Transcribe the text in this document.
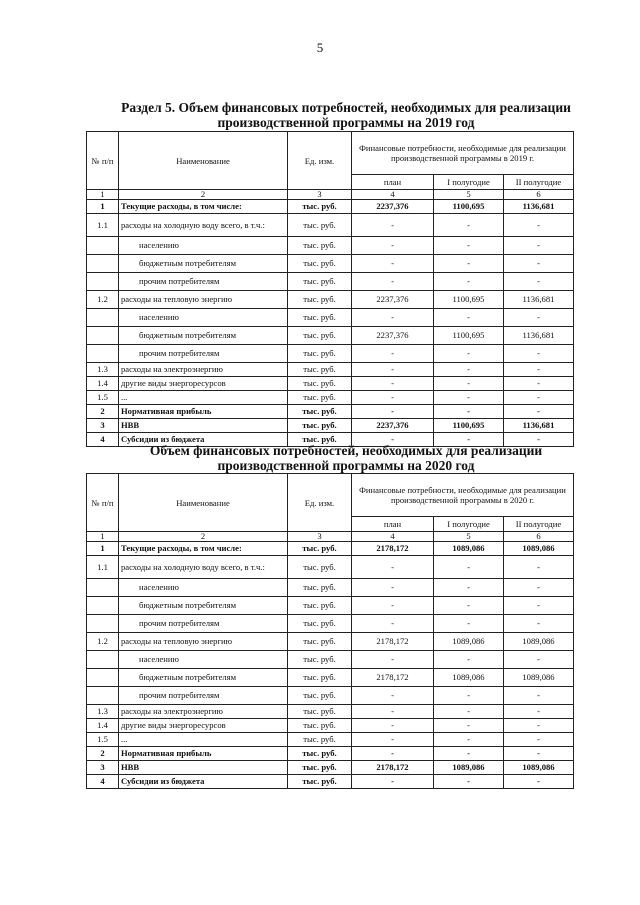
5
Раздел 5. Объем финансовых потребностей, необходимых для реализации
производственной программы на 2019 год
№ п/п	Наименование	Ед. изм.	Финансовые потребности, необходимые для реализации производственной программы в 2019 г.		
			план	I полугодие	II полугодие
1	2	3	4	5	6
1	Текущие расходы, в том числе:	тыс. руб.	2237,376	1100,695	1136,681
1.1	расходы на холодную воду всего, в т.ч.:	тыс. руб.	-	-	-
	населению	тыс. руб.	-	-	-
	бюджетным потребителям	тыс. руб.	-	-	-
	прочим потребителям	тыс. руб.	-	-	-
1.2	расходы на тепловую энергию	тыс. руб.	2237,376	1100,695	1136,681
	населению	тыс. руб.	-	-	-
	бюджетным потребителям	тыс. руб.	2237,376	1100,695	1136,681
	прочим потребителям	тыс. руб.	-	-	-
1.3	расходы на электроэнергию	тыс. руб.	-	-	-
1.4	другие виды энергоресурсов	тыс. руб.	-	-	-
1.5	...	тыс. руб.	-	-	-
2	Нормативная прибыль	тыс. руб.	-	-	-
3	НВВ	тыс. руб.	2237,376	1100,695	1136,681
4	Субсидии из бюджета	тыс. руб.	-	-	-
Объем финансовых потребностей, необходимых для реализации
производственной программы на 2020 год
№ п/п	Наименование	Ед. изм.	Финансовые потребности, необходимые для реализации производственной программы в 2020 г.		
			план	I полугодие	II полугодие
1	2	3	4	5	6
1	Текущие расходы, в том числе:	тыс. руб.	2178,172	1089,086	1089,086
1.1	расходы на холодную воду всего, в т.ч.:	тыс. руб.	-	-	-
	населению	тыс. руб.	-	-	-
	бюджетным потребителям	тыс. руб.	-	-	-
	прочим потребителям	тыс. руб.	-	-	-
1.2	расходы на тепловую энергию	тыс. руб.	2178,172	1089,086	1089,086
	населению	тыс. руб.	-	-	-
	бюджетным потребителям	тыс. руб.	2178,172	1089,086	1089,086
	прочим потребителям	тыс. руб.	-	-	-
1.3	расходы на электроэнергию	тыс. руб.	-	-	-
1.4	другие виды энергоресурсов	тыс. руб.	-	-	-
1.5	...	тыс. руб.	-	-	-
2	Нормативная прибыль	тыс. руб.	-	-	-
3	НВВ	тыс. руб.	2178,172	1089,086	1089,086
4	Субсидии из бюджета	тыс. руб.	-	-	-
